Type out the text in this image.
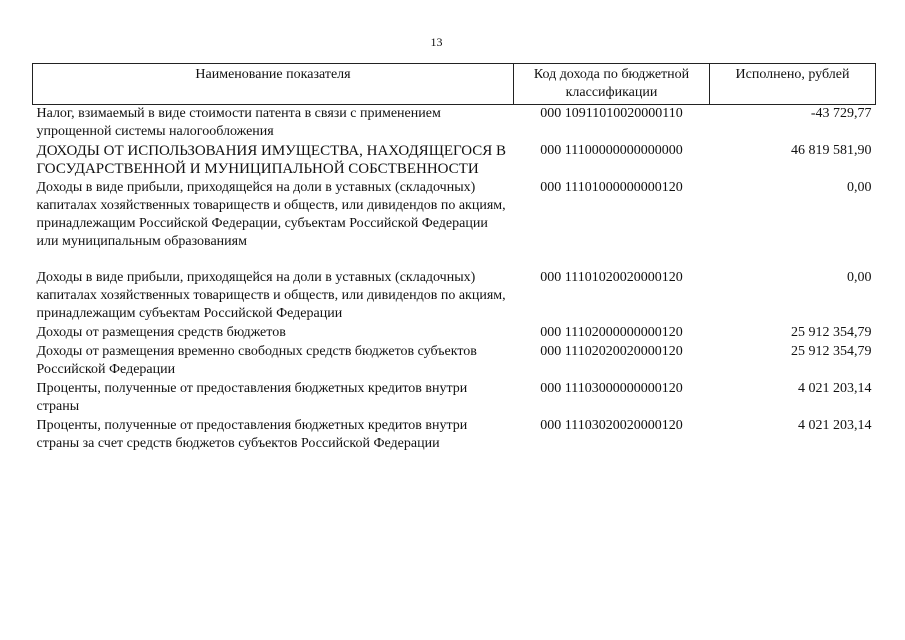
13
Наименование показателя	Код дохода по бюджетной классификации	Исполнено, рублей
Налог, взимаемый в виде стоимости патента в связи с применением упрощенной системы налогообложения	000 10911010020000110	-43 729,77
ДОХОДЫ ОТ ИСПОЛЬЗОВАНИЯ ИМУЩЕСТВА, НАХОДЯЩЕГОСЯ В ГОСУДАРСТВЕННОЙ И МУНИЦИПАЛЬНОЙ СОБСТВЕННОСТИ	000 11100000000000000	46 819 581,90
Доходы в виде прибыли, приходящейся на доли в уставных (складочных) капиталах хозяйственных товариществ и обществ, или дивидендов по акциям, принадлежащим Российской Федерации, субъектам Российской Федерации или муниципальным образованиям	000 11101000000000120	0,00
Доходы в виде прибыли, приходящейся на доли в уставных (складочных) капиталах хозяйственных товариществ и обществ, или дивидендов по акциям, принадлежащим субъектам Российской Федерации	000 11101020020000120	0,00
Доходы от размещения средств бюджетов	000 11102000000000120	25 912 354,79
Доходы от размещения временно свободных средств бюджетов субъектов Российской Федерации	000 11102020020000120	25 912 354,79
Проценты, полученные от предоставления бюджетных кредитов внутри страны	000 11103000000000120	4 021 203,14
Проценты, полученные от предоставления бюджетных кредитов внутри страны за счет средств бюджетов субъектов Российской Федерации	000 11103020020000120	4 021 203,14
